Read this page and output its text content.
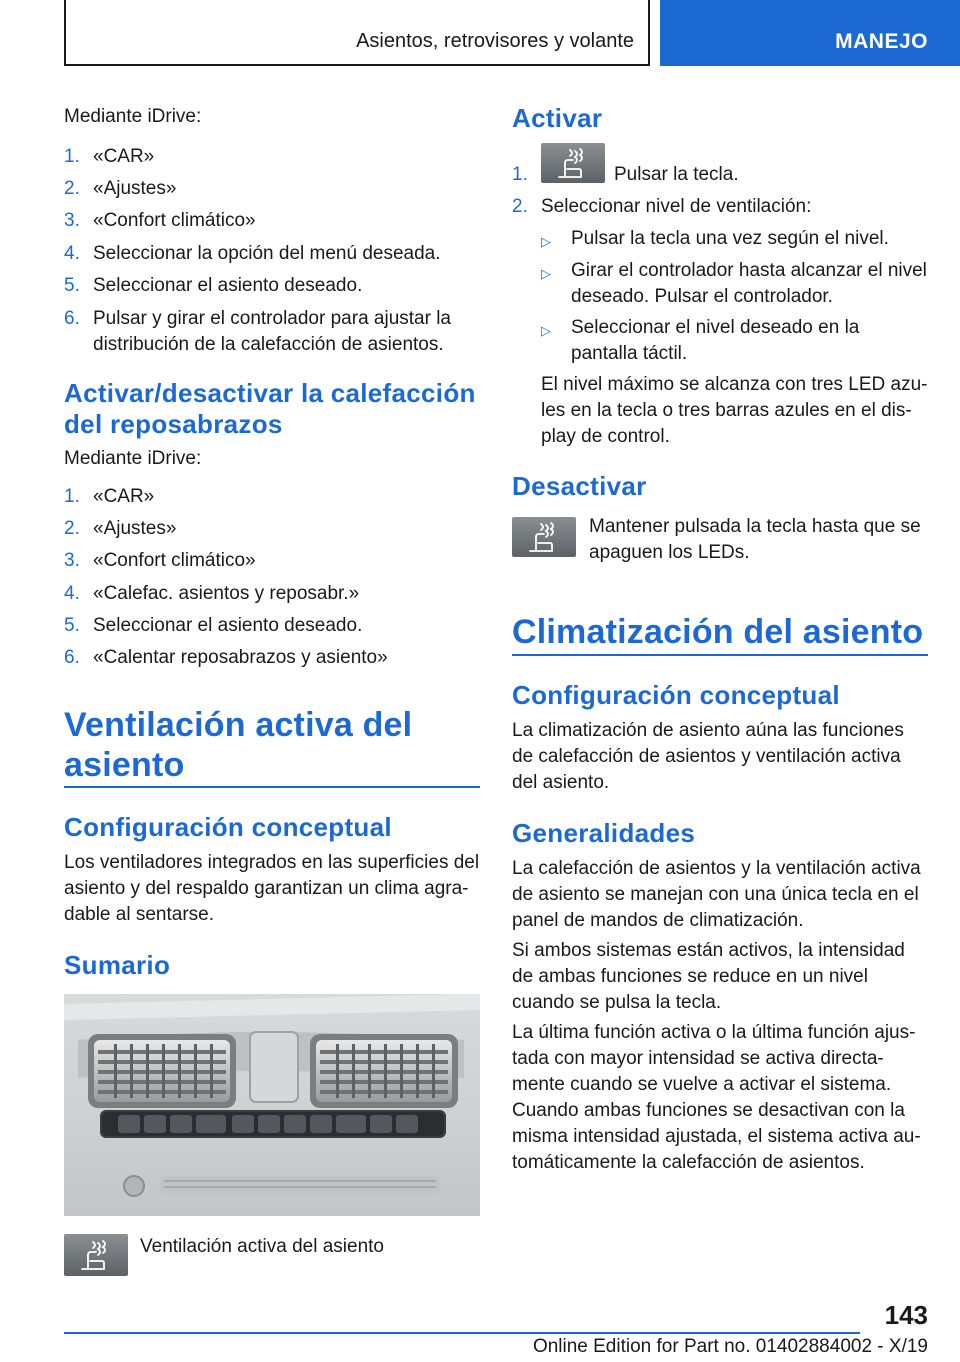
Asientos, retrovisores y volante	MANEJO
Mediante iDrive:
1. «CAR»
2. «Ajustes»
3. «Confort climático»
4. Seleccionar la opción del menú deseada.
5. Seleccionar el asiento deseado.
6. Pulsar y girar el controlador para ajustar la distribución de la calefacción de asientos.
Activar/desactivar la calefacción del reposabrazos
Mediante iDrive:
1. «CAR»
2. «Ajustes»
3. «Confort climático»
4. «Calefac. asientos y reposabr.»
5. Seleccionar el asiento deseado.
6. «Calentar reposabrazos y asiento»
Ventilación activa del asiento
Configuración conceptual
Los ventiladores integrados en las superficies del asiento y del respaldo garantizan un clima agra-dable al sentarse.
Sumario
Ventilación activa del asiento
Activar
1.	Pulsar la tecla.
2. Seleccionar nivel de ventilación:
▷ Pulsar la tecla una vez según el nivel.
▷ Girar el controlador hasta alcanzar el nivel deseado. Pulsar el controlador.
▷ Seleccionar el nivel deseado en la pantalla táctil.
El nivel máximo se alcanza con tres LED azu-les en la tecla o tres barras azules en el dis-play de control.
Desactivar
Mantener pulsada la tecla hasta que se apaguen los LEDs.
Climatización del asiento
Configuración conceptual
La climatización de asiento aúna las funciones de calefacción de asientos y ventilación activa del asiento.
Generalidades
La calefacción de asientos y la ventilación activa de asiento se manejan con una única tecla en el panel de mandos de climatización.
Si ambos sistemas están activos, la intensidad de ambas funciones se reduce en un nivel cuando se pulsa la tecla.
La última función activa o la última función ajus-tada con mayor intensidad se activa directa-mente cuando se vuelve a activar el sistema. Cuando ambas funciones se desactivan con la misma intensidad ajustada, el sistema activa au-tomáticamente la calefacción de asientos.
143
Online Edition for Part no. 01402884002 - X/19
